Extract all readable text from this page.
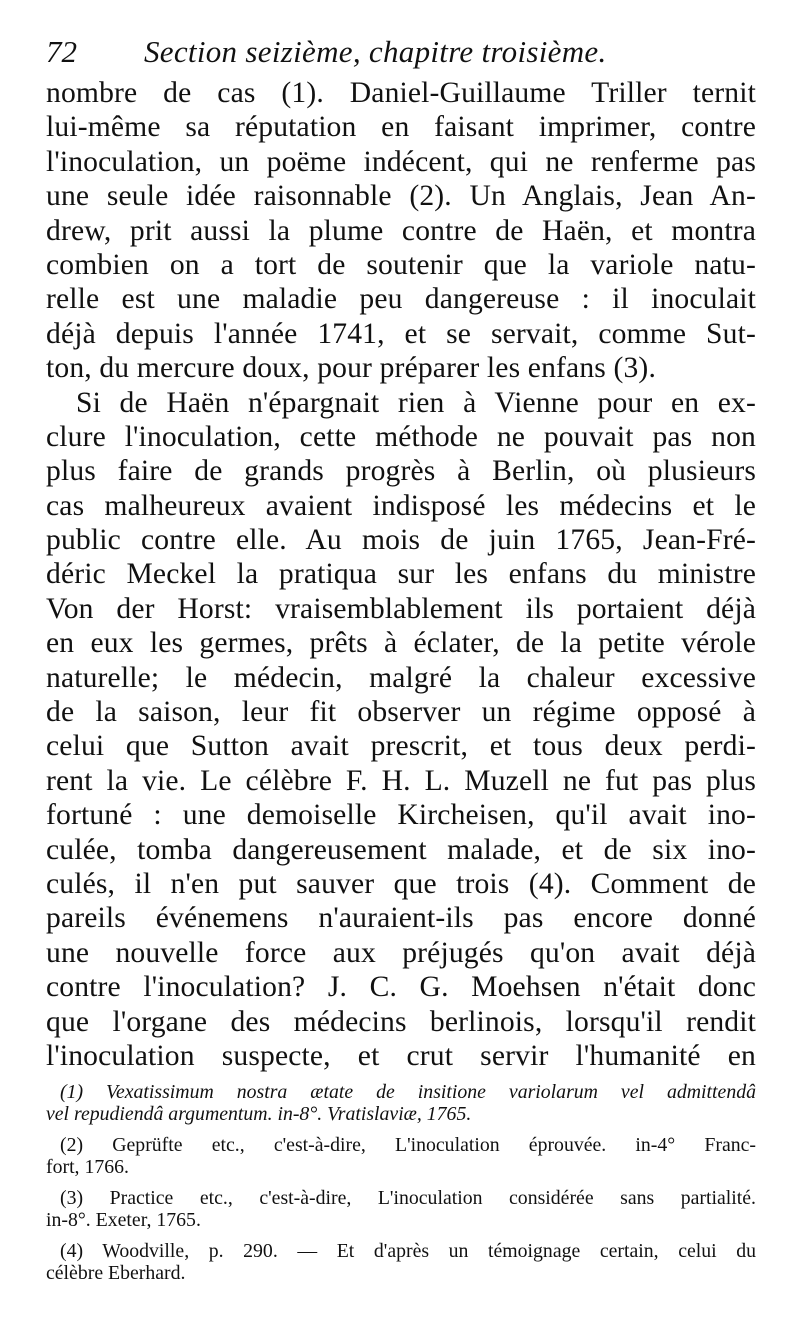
72 Section seizième, chapitre troisième.
nombre de cas (1). Daniel-Guillaume Triller ternit
lui-même sa réputation en faisant imprimer, contre
l'inoculation, un poëme indécent, qui ne renferme pas
une seule idée raisonnable (2). Un Anglais, Jean An-
drew, prit aussi la plume contre de Haën, et montra
combien on a tort de soutenir que la variole natu-
relle est une maladie peu dangereuse : il inoculait
déjà depuis l'année 1741, et se servait, comme Sut-
ton, du mercure doux, pour préparer les enfans (3).
Si de Haën n'épargnait rien à Vienne pour en ex-
clure l'inoculation, cette méthode ne pouvait pas non
plus faire de grands progrès à Berlin, où plusieurs
cas malheureux avaient indisposé les médecins et le
public contre elle. Au mois de juin 1765, Jean-Fré-
déric Meckel la pratiqua sur les enfans du ministre
Von der Horst: vraisemblablement ils portaient déjà
en eux les germes, prêts à éclater, de la petite vérole
naturelle; le médecin, malgré la chaleur excessive
de la saison, leur fit observer un régime opposé à
celui que Sutton avait prescrit, et tous deux perdi-
rent la vie. Le célèbre F. H. L. Muzell ne fut pas plus
fortuné : une demoiselle Kircheisen, qu'il avait ino-
culée, tomba dangereusement malade, et de six ino-
culés, il n'en put sauver que trois (4). Comment de
pareils événemens n'auraient-ils pas encore donné
une nouvelle force aux préjugés qu'on avait déjà
contre l'inoculation? J. C. G. Moehsen n'était donc
que l'organe des médecins berlinois, lorsqu'il rendit
l'inoculation suspecte, et crut servir l'humanité en
(1) Vexatissimum nostra ætate de insitione variolarum vel admittendâ
vel repudiendâ argumentum. in-8°. Vratislaviæ, 1765.
(2) Geprüfte etc., c'est-à-dire, L'inoculation éprouvée. in-4° Franc-
fort, 1766.
(3) Practice etc., c'est-à-dire, L'inoculation considérée sans partialité.
in-8°. Exeter, 1765.
(4) Woodville, p. 290. — Et d'après un témoignage certain, celui du
célèbre Eberhard.
